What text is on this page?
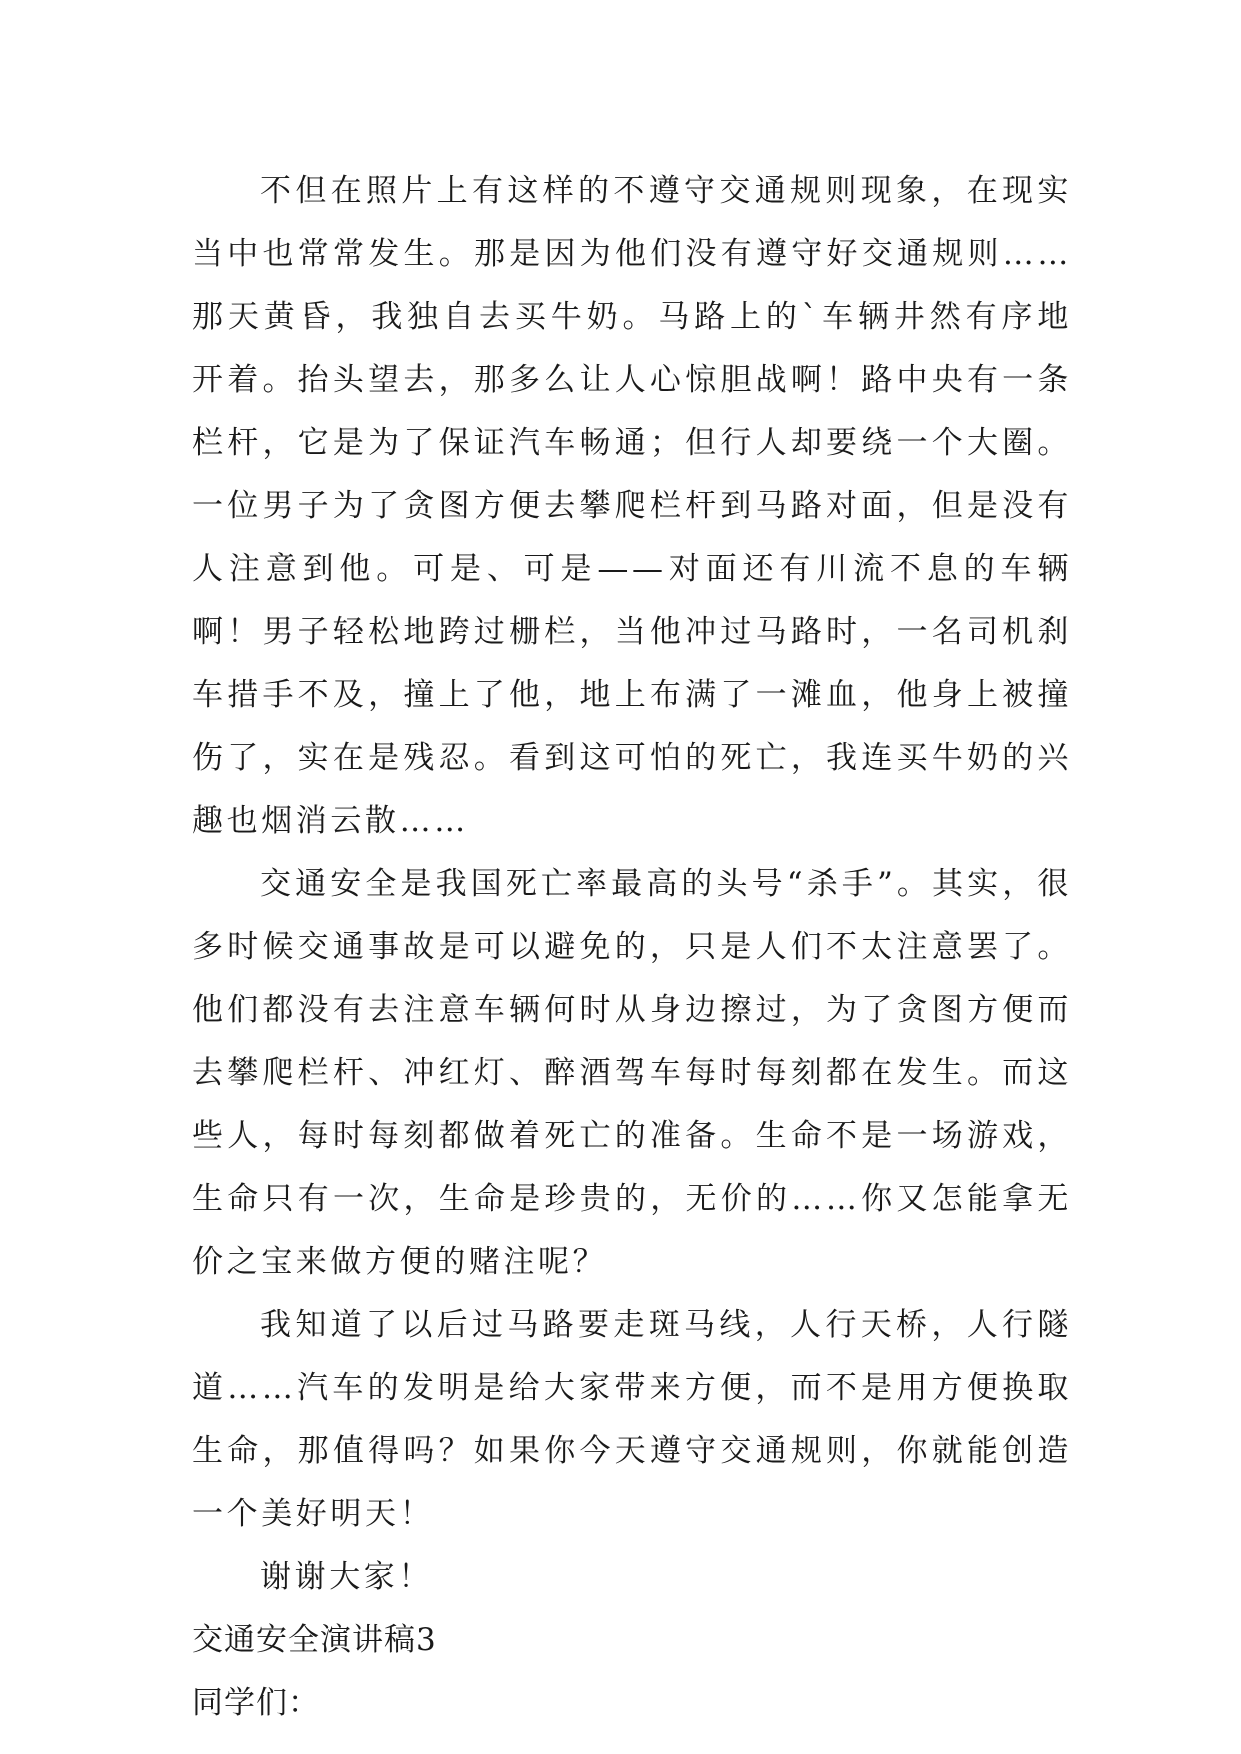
不但在照片上有这样的不遵守交通规则现象，在现实当中也常常发生。那是因为他们没有遵守好交通规则……那天黄昏，我独自去买牛奶。马路上的`车辆井然有序地开着。抬头望去，那多么让人心惊胆战啊！路中央有一条栏杆，它是为了保证汽车畅通；但行人却要绕一个大圈。一位男子为了贪图方便去攀爬栏杆到马路对面，但是没有人注意到他。可是、可是——对面还有川流不息的车辆啊！男子轻松地跨过栅栏，当他冲过马路时，一名司机刹车措手不及，撞上了他，地上布满了一滩血，他身上被撞伤了，实在是残忍。看到这可怕的死亡，我连买牛奶的兴趣也烟消云散……

交通安全是我国死亡率最高的头号“杀手”。其实，很多时候交通事故是可以避免的，只是人们不太注意罢了。他们都没有去注意车辆何时从身边擦过，为了贪图方便而去攀爬栏杆、冲红灯、醉酒驾车每时每刻都在发生。而这些人，每时每刻都做着死亡的准备。生命不是一场游戏，生命只有一次，生命是珍贵的，无价的……你又怎能拿无价之宝来做方便的赌注呢？

我知道了以后过马路要走斑马线，人行天桥，人行隧道……汽车的发明是给大家带来方便，而不是用方便换取生命，那值得吗？如果你今天遵守交通规则，你就能创造一个美好明天！

谢谢大家！

交通安全演讲稿3

同学们：
